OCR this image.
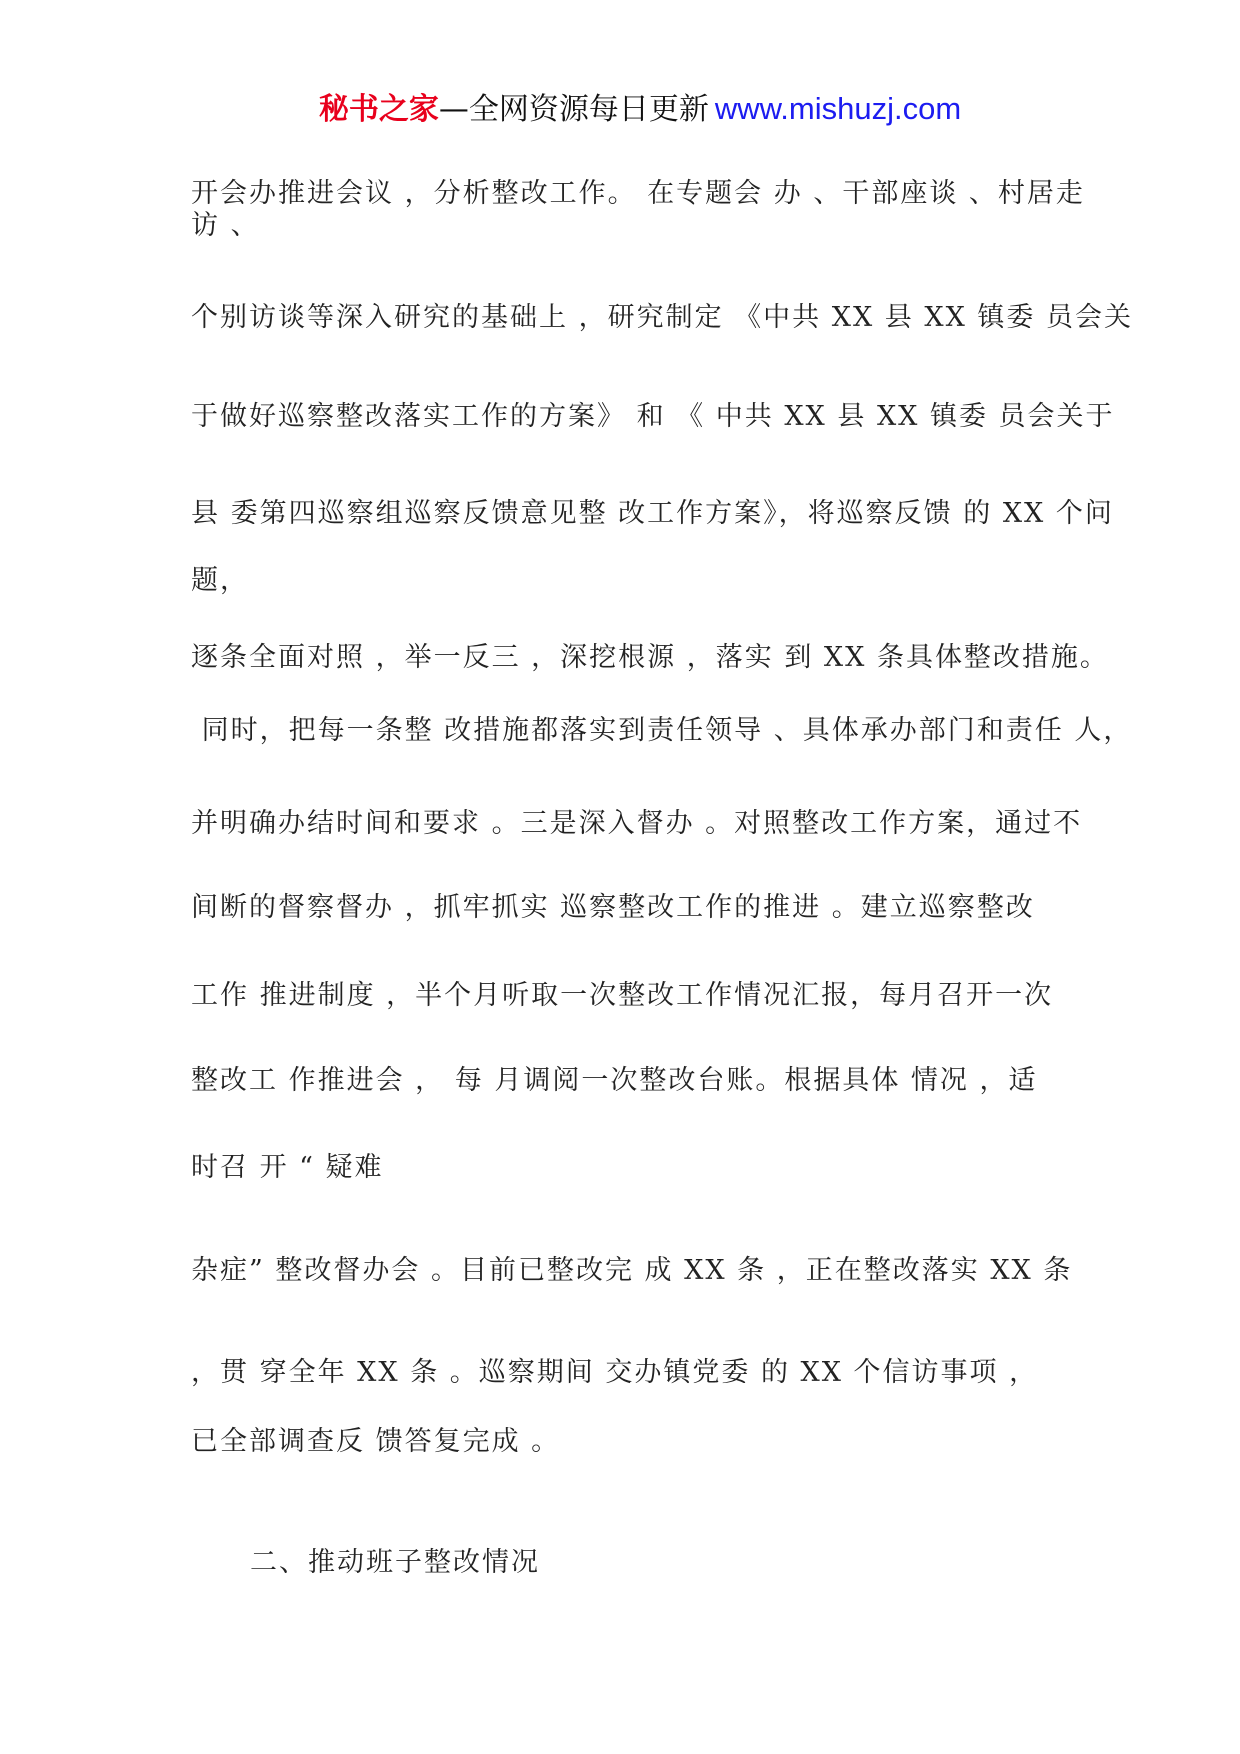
秘书之家—全网资源每日更新 www.mishuzj.com
开会办推进会议 ，分析整改工作。 在专题会 办 、干部座谈 、村居走
访 、
个别访谈等深入研究的基础上 ，研究制定 《中共 XX 县 XX 镇委 员会关
于做好巡察整改落实工作的方案》 和 《 中共 XX 县 XX 镇委 员会关于
县 委第四巡察组巡察反馈意见整 改工作方案》，将巡察反馈 的 XX 个问
题，
逐条全面对照 ，举一反三 ，深挖根源 ，落实 到 XX 条具体整改措施。
同时，把每一条整 改措施都落实到责任领导 、具体承办部门和责任 人，
并明确办结时间和要求 。三是深入督办 。对照整改工作方案，通过不
间断的督察督办 ，抓牢抓实 巡察整改工作的推进 。建立巡察整改
工作 推进制度 ，半个月听取一次整改工作情况汇报，每月召开一次
整改工 作推进会 ， 每 月调阅一次整改台账。根据具体 情况 ，适
时召 开 “ 疑难
杂症” 整改督办会 。目前已整改完 成 XX 条 ，正在整改落实 XX 条
，贯 穿全年 XX 条 。巡察期间 交办镇党委 的 XX 个信访事项 ，
已全部调查反 馈答复完成 。
二、推动班子整改情况
